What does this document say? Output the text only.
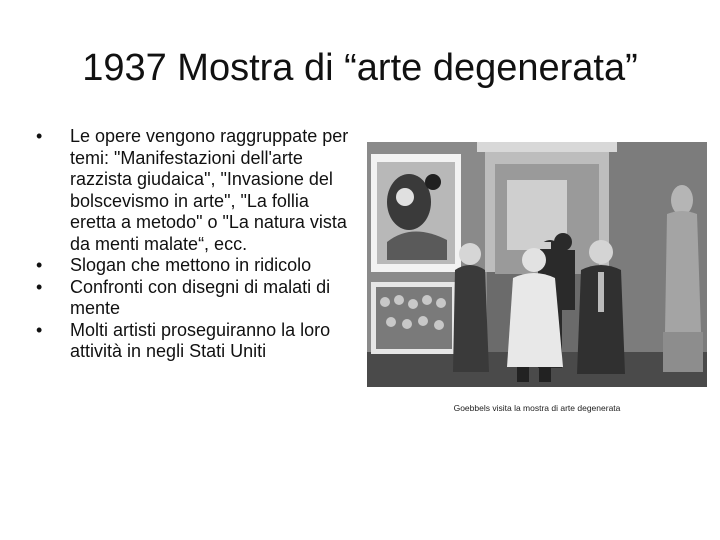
1937 Mostra di “arte degenerata”
•	Le opere vengono raggruppate per temi: "Manifestazioni dell'arte razzista giudaica", "Invasione del bolscevismo in arte", "La follia eretta a metodo" o "La natura vista da menti malate“, ecc.
•	Slogan che mettono in ridicolo
•	Confronti con disegni di malati di mente
•	Molti artisti proseguiranno la loro attività in negli Stati Uniti
Goebbels visita la mostra di arte degenerata
